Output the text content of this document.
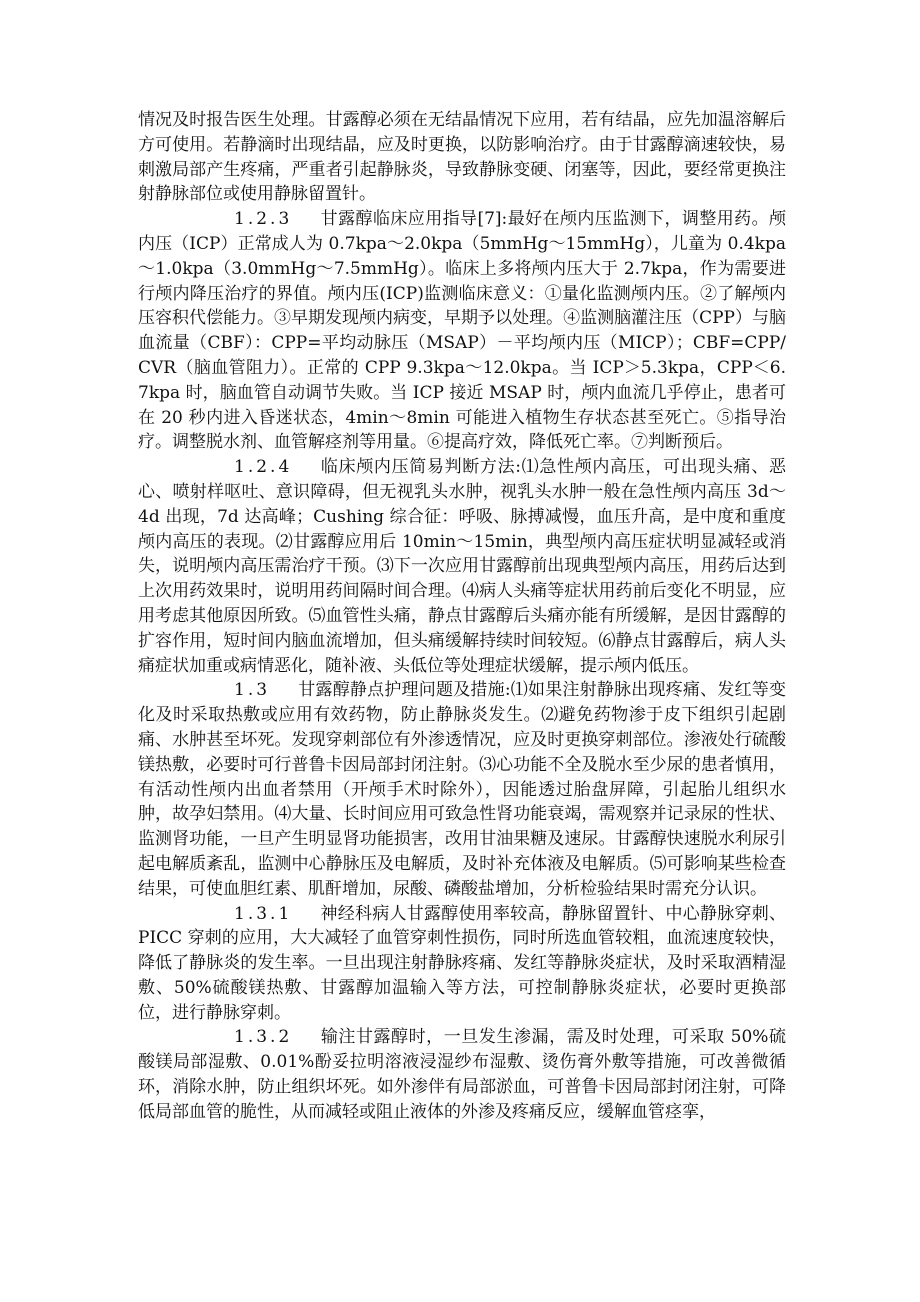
情况及时报告医生处理。甘露醇必须在无结晶情况下应用，若有结晶，应先加温溶解后方可使用。若静滴时出现结晶，应及时更换，以防影响治疗。由于甘露醇滴速较快，易刺激局部产生疼痛，严重者引起静脉炎，导致静脉变硬、闭塞等，因此，要经常更换注射静脉部位或使用静脉留置针。

1.2.3 甘露醇临床应用指导[7]:最好在颅内压监测下，调整用药。颅内压（ICP）正常成人为 0.7kpa～2.0kpa（5mmHg～15mmHg），儿童为 0.4kpa～1.0kpa（3.0mmHg～7.5mmHg）。临床上多将颅内压大于 2.7kpa，作为需要进行颅内降压治疗的界值。颅内压(ICP)监测临床意义：①量化监测颅内压。②了解颅内压容积代偿能力。③早期发现颅内病变，早期予以处理。④监测脑灌注压（CPP）与脑血流量（CBF）：CPP=平均动脉压（MSAP）－平均颅内压（MICP）；CBF=CPP/CVR（脑血管阻力）。正常的 CPP 9.3kpa～12.0kpa。当 ICP＞5.3kpa，CPP＜6.7kpa 时，脑血管自动调节失败。当 ICP 接近 MSAP 时，颅内血流几乎停止，患者可在 20 秒内进入昏迷状态，4min～8min 可能进入植物生存状态甚至死亡。⑤指导治疗。调整脱水剂、血管解痉剂等用量。⑥提高疗效，降低死亡率。⑦判断预后。

1.2.4 临床颅内压简易判断方法:⑴急性颅内高压，可出现头痛、恶心、喷射样呕吐、意识障碍，但无视乳头水肿，视乳头水肿一般在急性颅内高压 3d～4d 出现，7d 达高峰；Cushing 综合征：呼吸、脉搏减慢，血压升高，是中度和重度颅内高压的表现。⑵甘露醇应用后 10min～15min，典型颅内高压症状明显减轻或消失，说明颅内高压需治疗干预。⑶下一次应用甘露醇前出现典型颅内高压，用药后达到上次用药效果时，说明用药间隔时间合理。⑷病人头痛等症状用药前后变化不明显，应用考虑其他原因所致。⑸血管性头痛，静点甘露醇后头痛亦能有所缓解，是因甘露醇的扩容作用，短时间内脑血流增加，但头痛缓解持续时间较短。⑹静点甘露醇后，病人头痛症状加重或病情恶化，随补液、头低位等处理症状缓解，提示颅内低压。

1.3 甘露醇静点护理问题及措施:⑴如果注射静脉出现疼痛、发红等变化及时采取热敷或应用有效药物，防止静脉炎发生。⑵避免药物渗于皮下组织引起剧痛、水肿甚至坏死。发现穿刺部位有外渗透情况，应及时更换穿刺部位。渗液处行硫酸镁热敷，必要时可行普鲁卡因局部封闭注射。⑶心功能不全及脱水至少尿的患者慎用，有活动性颅内出血者禁用（开颅手术时除外），因能透过胎盘屏障，引起胎儿组织水肿，故孕妇禁用。⑷大量、长时间应用可致急性肾功能衰竭，需观察并记录尿的性状、监测肾功能，一旦产生明显肾功能损害，改用甘油果糖及速尿。甘露醇快速脱水利尿引起电解质紊乱，监测中心静脉压及电解质，及时补充体液及电解质。⑸可影响某些检查结果，可使血胆红素、肌酐增加，尿酸、磷酸盐增加，分析检验结果时需充分认识。

1.3.1 神经科病人甘露醇使用率较高，静脉留置针、中心静脉穿刺、PICC 穿刺的应用，大大减轻了血管穿刺性损伤，同时所选血管较粗，血流速度较快，降低了静脉炎的发生率。一旦出现注射静脉疼痛、发红等静脉炎症状，及时采取酒精湿敷、50%硫酸镁热敷、甘露醇加温输入等方法，可控制静脉炎症状，必要时更换部位，进行静脉穿刺。

1.3.2 输注甘露醇时，一旦发生渗漏，需及时处理，可采取 50%硫酸镁局部湿敷、0.01%酚妥拉明溶液浸湿纱布湿敷、烫伤膏外敷等措施，可改善微循环，消除水肿，防止组织坏死。如外渗伴有局部淤血，可普鲁卡因局部封闭注射，可降低局部血管的脆性，从而减轻或阻止液体的外渗及疼痛反应，缓解血管痉挛，
